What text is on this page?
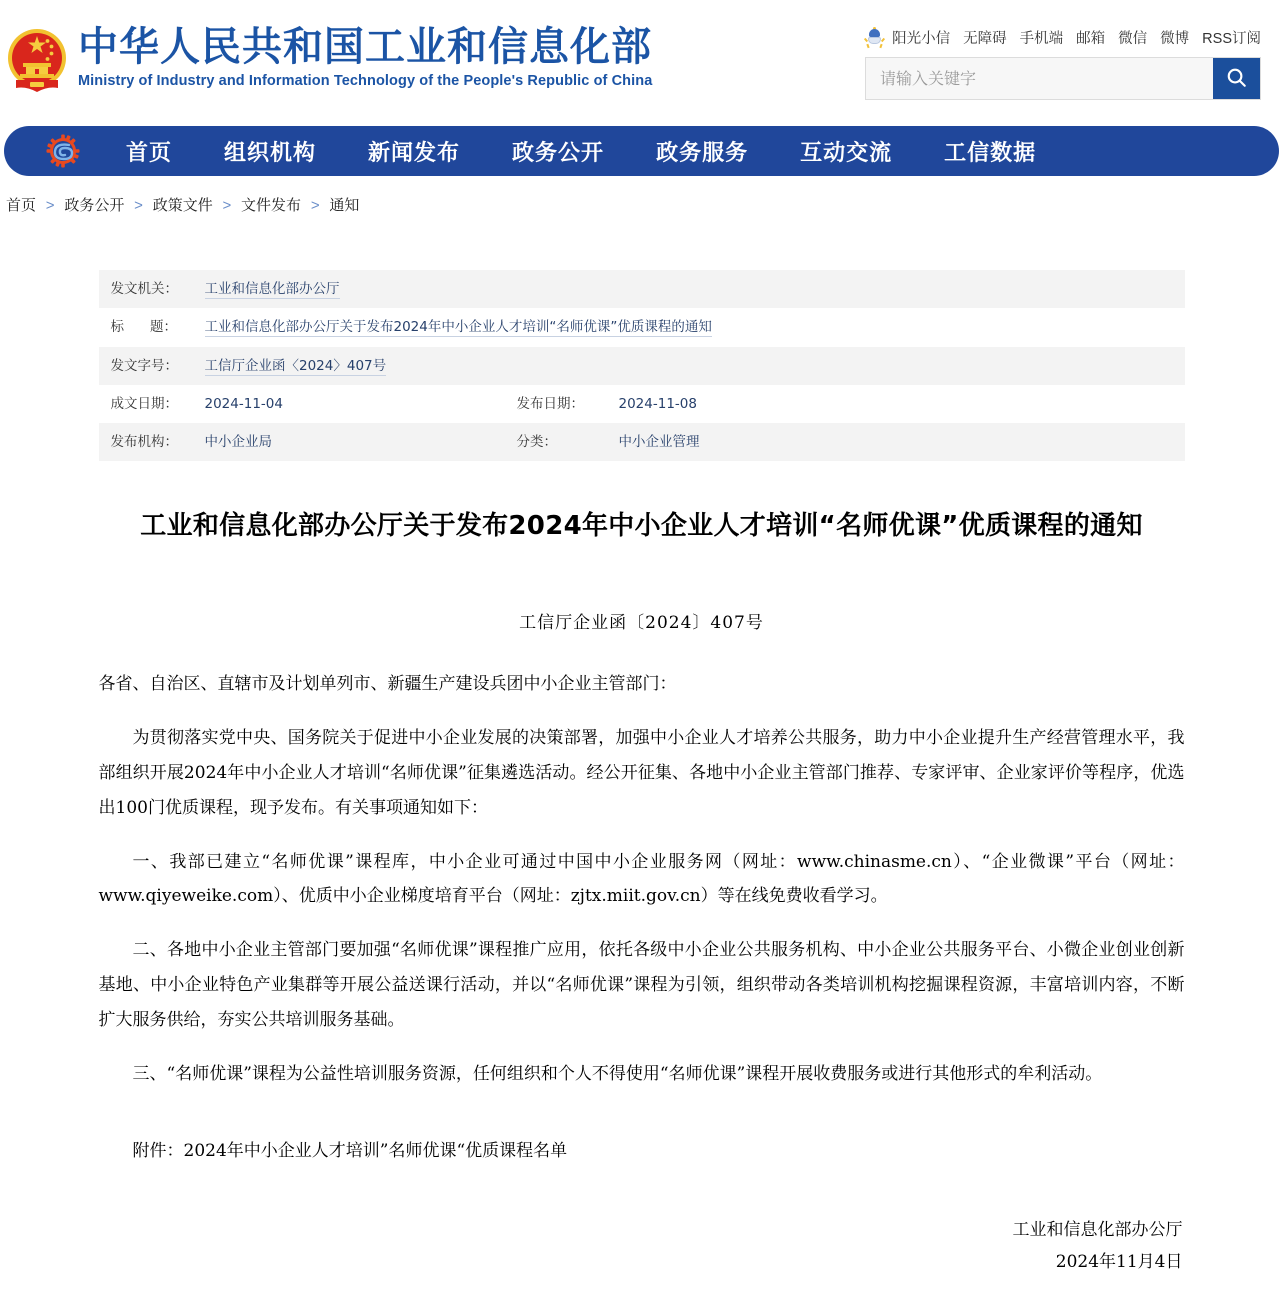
中华人民共和国工业和信息化部
Ministry of Industry and Information Technology of the People's Republic of China
阳光小信 无障碍 手机端 邮箱 微信 微博 RSS订阅
请输入关键字
首页 组织机构 新闻发布 政务公开 政务服务 互动交流 工信数据
首页 > 政务公开 > 政策文件 > 文件发布 > 通知
发文机关：	工业和信息化部办公厅		
标 题：	工业和信息化部办公厅关于发布2024年中小企业人才培训“名师优课”优质课程的通知		
发文字号：	工信厅企业函〈2024〉407号		
成文日期：	2024-11-04	发布日期：	2024-11-08
发布机构：	中小企业局	分类：	中小企业管理
工业和信息化部办公厅关于发布2024年中小企业人才培训“名师优课”优质课程的通知
工信厅企业函〔2024〕407号

各省、自治区、直辖市及计划单列市、新疆生产建设兵团中小企业主管部门：

为贯彻落实党中央、国务院关于促进中小企业发展的决策部署，加强中小企业人才培养公共服务，助力中小企业提升生产经营管理水平，我部组织开展2024年中小企业人才培训“名师优课”征集遴选活动。经公开征集、各地中小企业主管部门推荐、专家评审、企业家评价等程序，优选出100门优质课程，现予发布。有关事项通知如下：

一、我部已建立“名师优课”课程库，中小企业可通过中国中小企业服务网（网址：www.chinasme.cn）、“企业微课”平台（网址：www.qiyeweike.com）、优质中小企业梯度培育平台（网址：zjtx.miit.gov.cn）等在线免费收看学习。

二、各地中小企业主管部门要加强“名师优课”课程推广应用，依托各级中小企业公共服务机构、中小企业公共服务平台、小微企业创业创新基地、中小企业特色产业集群等开展公益送课行活动，并以“名师优课”课程为引领，组织带动各类培训机构挖掘课程资源，丰富培训内容，不断扩大服务供给，夯实公共培训服务基础。

三、“名师优课”课程为公益性培训服务资源，任何组织和个人不得使用“名师优课”课程开展收费服务或进行其他形式的牟利活动。

附件：2024年中小企业人才培训”名师优课“优质课程名单

工业和信息化部办公厅
2024年11月4日
